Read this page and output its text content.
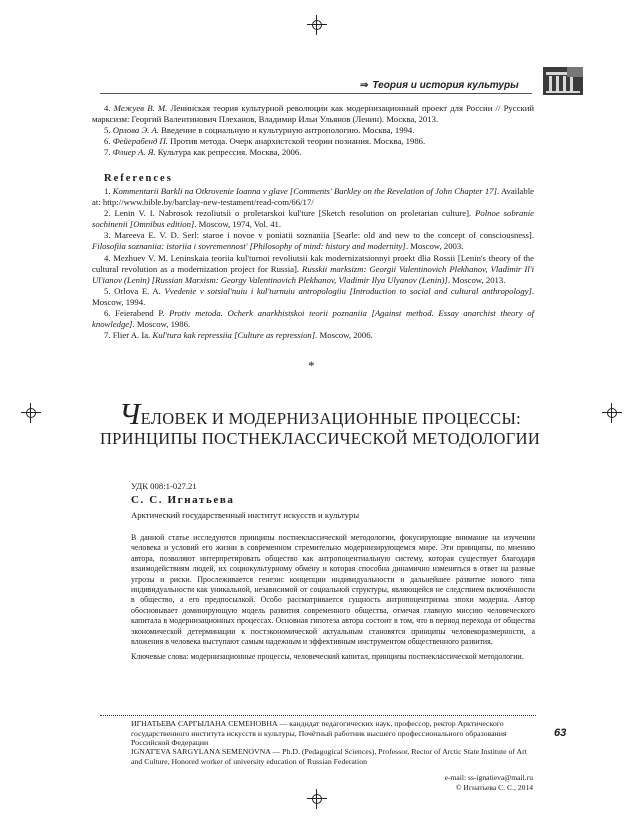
⇒ Теория и история культуры

4. Межуев В. М. Ленинская теория культурной революции как модернизационный проект для России // Русский марксизм: Георгий Валентинович Плеханов, Владимир Ильи Ульянов (Ленин). Москва, 2013.

5. Орлова Э. А. Введение в социальную и культурную антропологию. Москва, 1994.

6. Фейерабенд П. Против метода. Очерк анархистской теории познания. Москва, 1986.

7. Флиер А. Я. Культура как репрессия. Москва, 2006.

References

1. Kommentarii Barkli na Otkrovenie Ioanna v glave [Comments' Barkley on the Revelation of John Chapter 17]. Available at: http://www.bible.by/barclay-new-testament/read-com/66/17/

2. Lenin V. I. Nabrosok rezoliutsii o proletarskoi kul'ture [Sketch resolution on proletarian culture]. Polnoe sobranie sochinenii [Omnibus edition]. Moscow, 1974, Vol. 41.

3. Mareeva E. V. D. Serl: staroe i novoe v poniatii soznaniia [Searle: old and new to the concept of consciousness]. Filosofiia soznaniia: istoriia i sovremennost' [Philosophy of mind: history and modernity]. Moscow, 2003.

4. Mezhuev V. M. Leninskaia teoriia kul'turnoi revoliutsii kak modernizatsionnyi proekt dlia Rossii [Lenin's theory of the cultural revolution as a modernization project for Russia]. Russkii marksizm: Georgii Valentinovich Plekhanov, Vladimir Il'i Ul'ianov (Lenin) [Russian Marxism: Georgy Valentinovich Plekhanov, Vladimir Ilya Ulyanov (Lenin)]. Moscow, 2013.

5. Orlova E. A. Vvedenie v sotsial'nuiu i kul'turnuiu antropologiiu [Introduction to social and cultural anthropology]. Moscow, 1994.

6. Feierabend P. Protiv metoda. Ocherk anarkhistskoi teorii poznaniia [Against method. Essay anarchist theory of knowledge]. Moscow, 1986.

7. Flier A. Ia. Kul'tura kak repressiia [Culture as repression]. Moscow, 2006.

*
ЧЕЛОВЕК И МОДЕРНИЗАЦИОННЫЕ ПРОЦЕССЫ:
ПРИНЦИПЫ ПОСТНЕКЛАССИЧЕСКОЙ МЕТОДОЛОГИИ
УДК 008:1-027.21
С. С. Игнатьева
Арктический государственный институт искусств и культуры

В данной статье исследуются принципы постнеклассической методологии, фокусирующие внимание на изучении человека и условий его жизни в современном стремительно модернизирующемся мире. Эти принципы, по мнению автора, позволяют интерпретировать общество как антропоцентиальную систему, которая существует благодаря взаимодействиям людей, их социокультурному обмену и которая способна динамично изменяться в ответ на разные угрозы и риски. Прослеживается генезис концепции индивидуальности и дальнейшее развитие нового типа индивидуальности как уникальной, независимой от социальной структуры, являющейся не следствием включённости в общество, а его предпосылкой. Особо рассматривается сущность антропоцентризма эпохи модерна. Автор обосновывает доминирующую модель развития современного общества, отмечая главную миссию человеческого капитала в модернизационных процессах. Основная гипотеза автора состоит в том, что в период перехода от общества экономической детерминации к постэкономической актуальным становятся принципы человекоразмерности, а вложения в человека выступают самым надежным и эффективным инструментом общественного развития.

Ключевые слова: модернизационные процессы, человеческий капитал, принципы постнеклассической методологии.

ИГНАТЬЕВА САРГЫЛАНА СЕМЕНОВНА — кандидат педагогических наук, профессор, ректор Арктического государственного института искусств и культуры, Почётный работник высшего профессионального образования Российской Федерации
IGNAT'EVA SARGYLANA SEMENOVNA — Ph.D. (Pedagogical Sciences), Professor, Rector of Arctic State Institute of Art and Culture, Honored worker of university education of Russian Federation
e-mail: ss-ignatieva@mail.ru
© Игнатьева С. С., 2014
63
